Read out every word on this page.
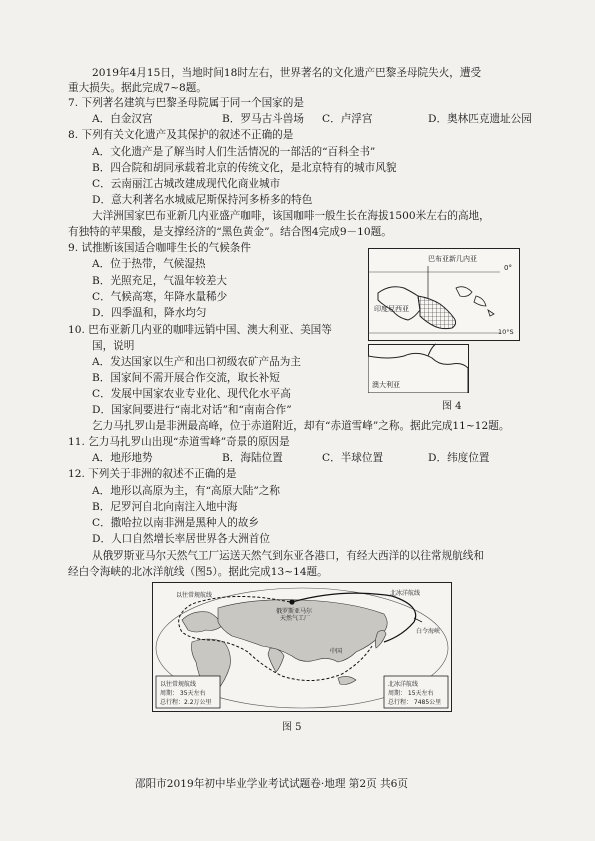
2019年4月15日，当地时间18时左右，世界著名的文化遗产巴黎圣母院失火，遭受
重大损失。据此完成7~8题。
7. 下列著名建筑与巴黎圣母院属于同一个国家的是
A．白金汉宫	B．罗马古斗兽场 C．卢浮宫	D．奥林匹克遗址公园
8. 下列有关文化遗产及其保护的叙述不正确的是
A．文化遗产是了解当时人们生活情况的一部活的“百科全书”
B．四合院和胡同承载着北京的传统文化，是北京特有的城市风貌
C．云南丽江古城改建成现代化商业城市
D．意大利著名水城威尼斯保持河多桥多的特色
大洋洲国家巴布亚新几内亚盛产咖啡，该国咖啡一般生长在海拔1500米左右的高地，
有独特的苹果酸，是支撑经济的“黑色黄金”。结合图4完成9－10题。
9. 试推断该国适合咖啡生长的气候条件
A．位于热带，气候湿热
B．光照充足，气温年较差大
C．气候高寒，年降水量稀少
D．四季温和，降水均匀
10. 巴布亚新几内亚的咖啡远销中国、澳大利亚、美国等
国，说明
A．发达国家以生产和出口初级农矿产品为主
B．国家间不需开展合作交流，取长补短
C．发展中国家农业专业化、现代化水平高
D．国家间要进行“南北对话”和“南南合作”
巴布亚新几内亚
0°
印度尼西亚
10°S
澳大利亚
图 4
乞力马扎罗山是非洲最高峰，位于赤道附近，却有“赤道雪峰”之称。据此完成11~12题。
11. 乞力马扎罗山出现“赤道雪峰”奇景的原因是
A．地形地势	B．海陆位置	C．半球位置	D．纬度位置
12. 下列关于非洲的叙述不正确的是
A．地形以高原为主，有“高原大陆”之称
B．尼罗河自北向南注入地中海
C．撒哈拉以南非洲是黑种人的故乡
D．人口自然增长率居世界各大洲首位
从俄罗斯亚马尔天然气工厂运送天然气到东亚各港口，有经大西洋的以往常规航线和
经白令海峡的北冰洋航线（图5）。据此完成13~14题。
以往常规航线	北冰洋航线
俄罗斯亚马尔
天然气工厂
白令海峡
中国
以往常规航线
周期： 35天左右
总行程：2.2万公里
北冰洋航线
周期： 15天左右
总行程： 7485公里
图 5
邵阳市2019年初中毕业学业考试试题卷·地理 第2页 共6页
